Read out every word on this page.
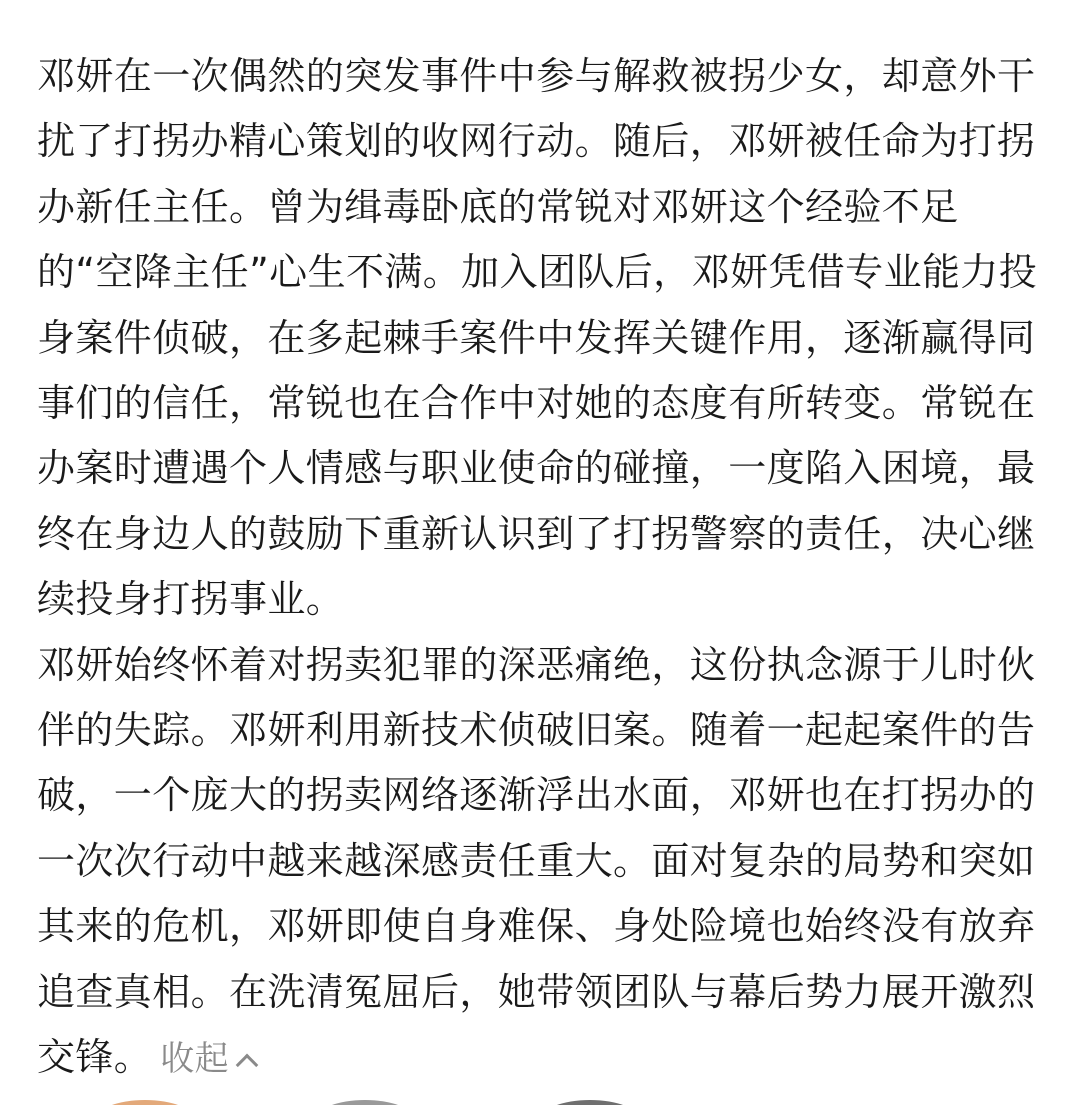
邓妍在一次偶然的突发事件中参与解救被拐少女，却意外干扰了打拐办精心策划的收网行动。随后，邓妍被任命为打拐办新任主任。曾为缉毒卧底的常锐对邓妍这个经验不足的“空降主任”心生不满。加入团队后，邓妍凭借专业能力投身案件侦破，在多起棘手案件中发挥关键作用，逐渐赢得同事们的信任，常锐也在合作中对她的态度有所转变。常锐在办案时遭遇个人情感与职业使命的碰撞，一度陷入困境，最终在身边人的鼓励下重新认识到了打拐警察的责任，决心继续投身打拐事业。

邓妍始终怀着对拐卖犯罪的深恶痛绝，这份执念源于儿时伙伴的失踪。邓妍利用新技术侦破旧案。随着一起起案件的告破，一个庞大的拐卖网络逐渐浮出水面，邓妍也在打拐办的一次次行动中越来越深感责任重大。面对复杂的局势和突如其来的危机，邓妍即使自身难保、身处险境也始终没有放弃追查真相。在洗清冤屈后，她带领团队与幕后势力展开激烈交锋。 收起
